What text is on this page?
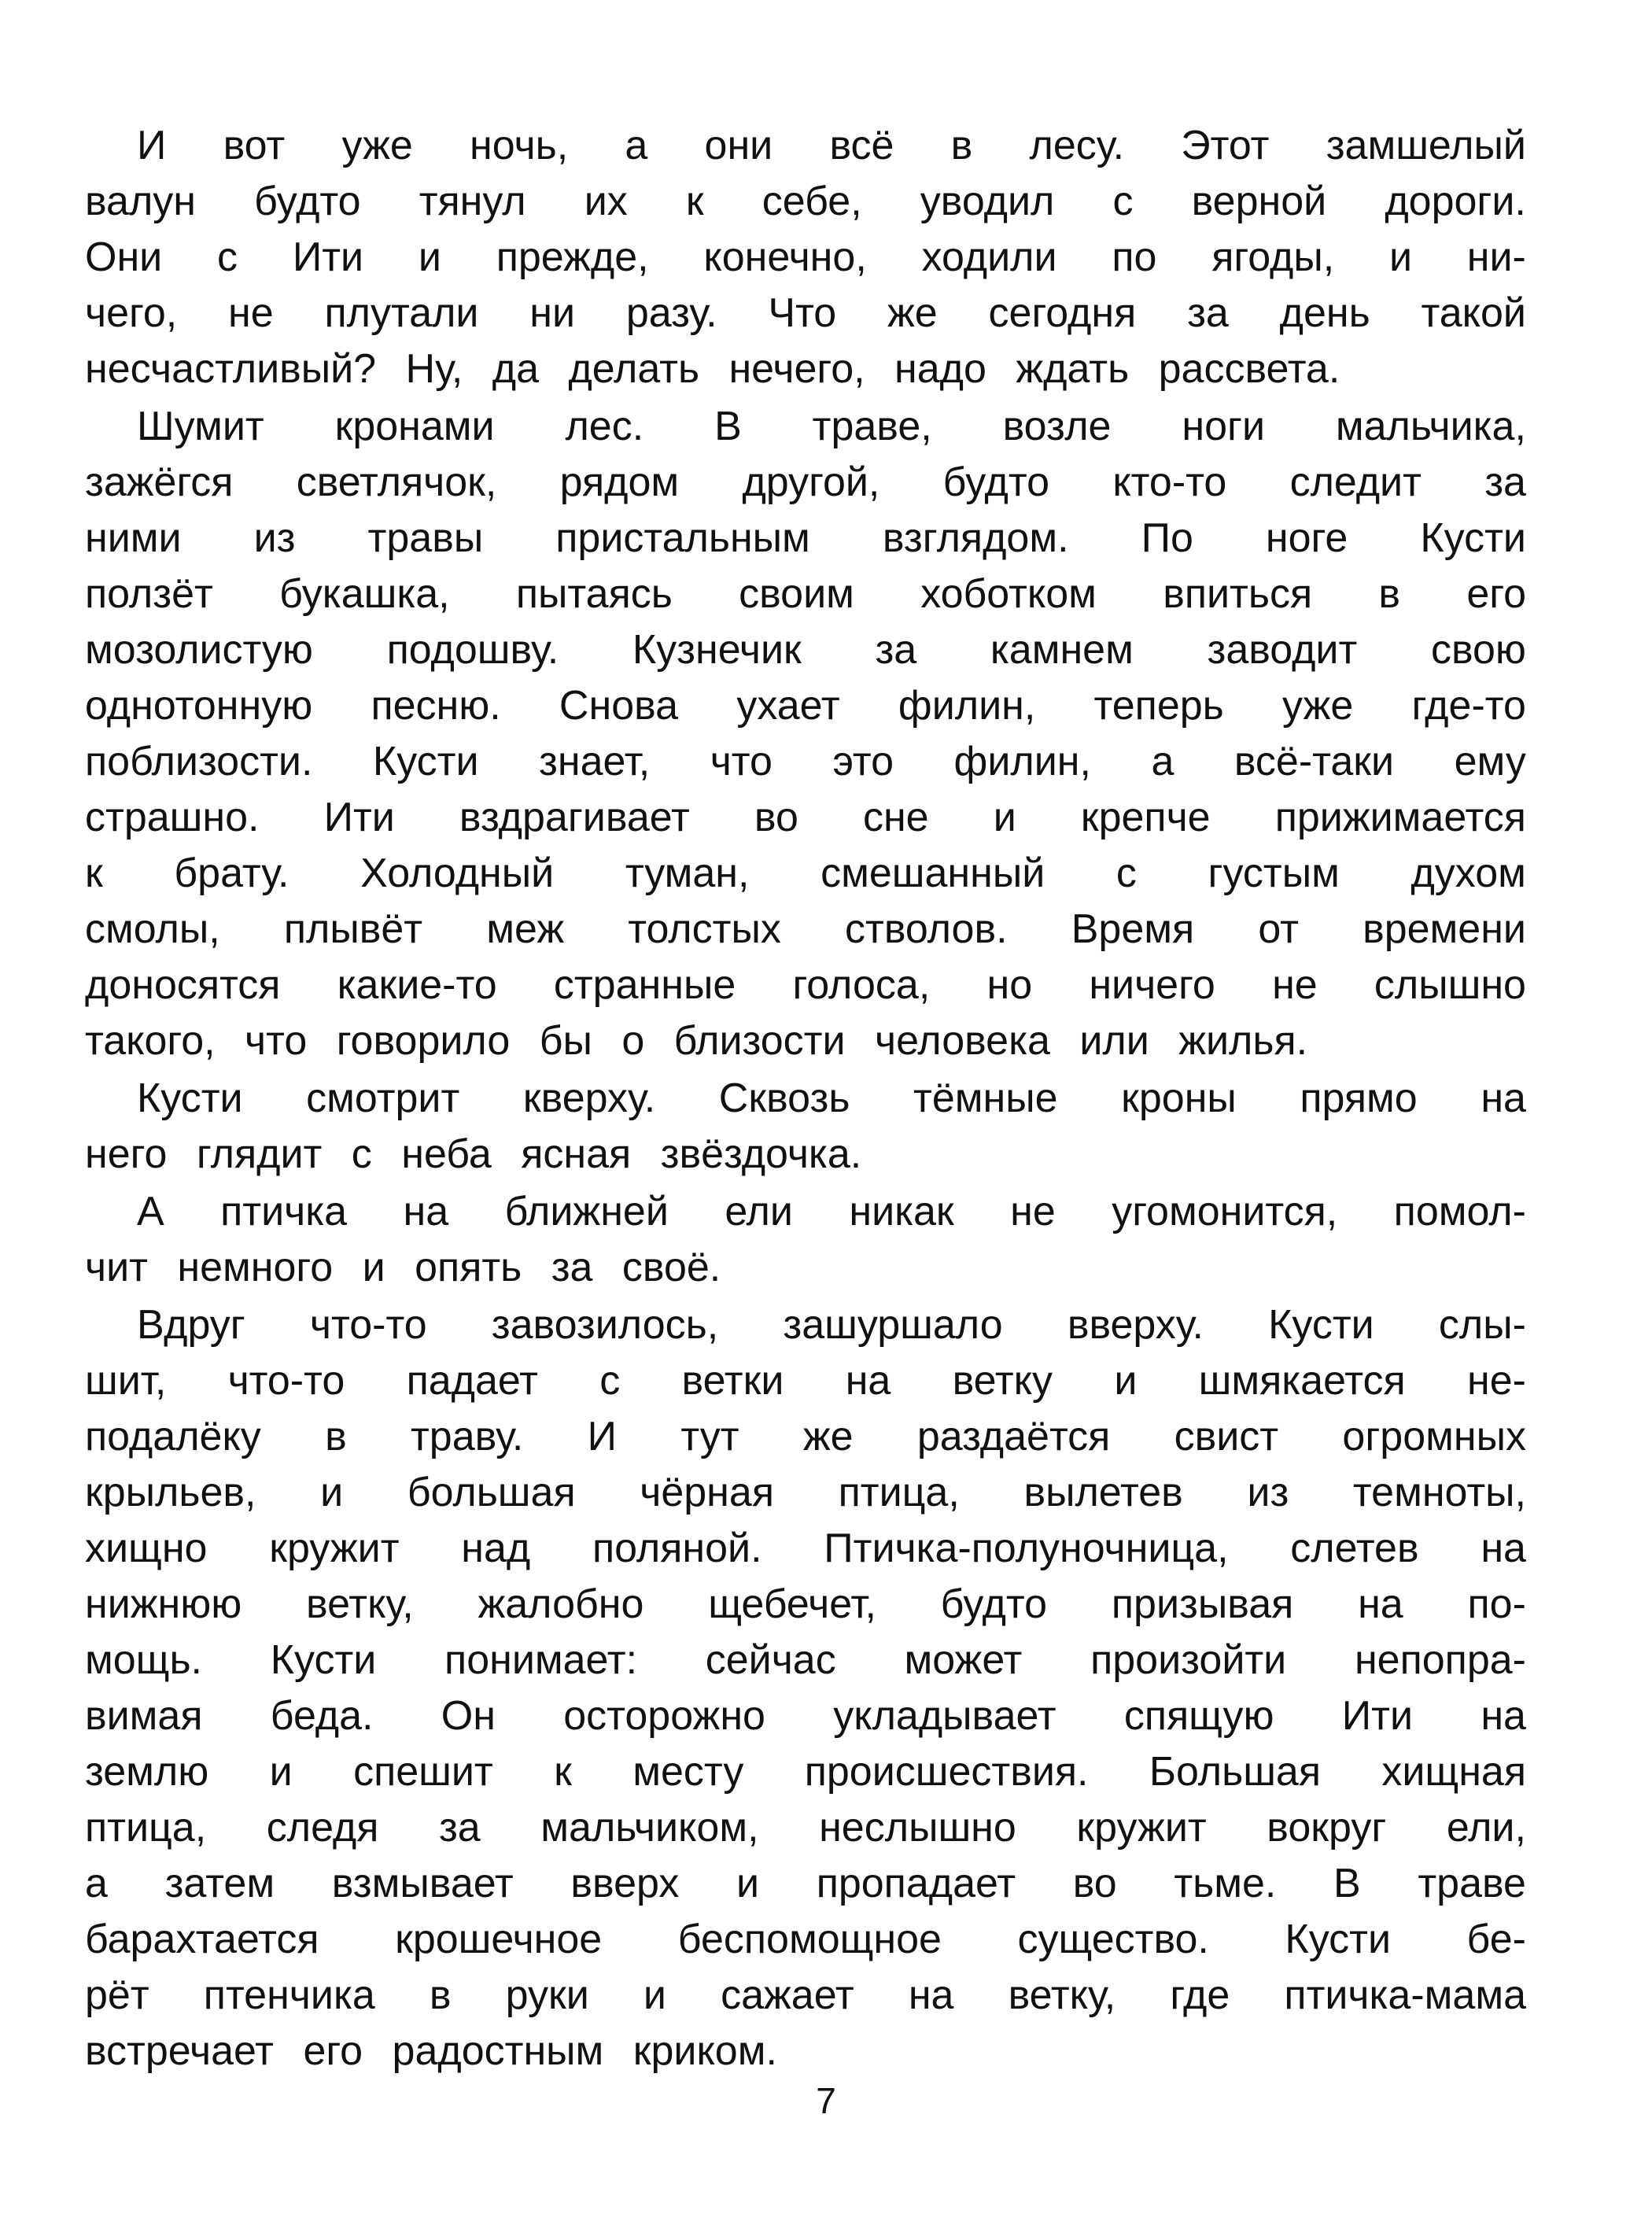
И вот уже ночь, а они всё в лесу. Этот замшелый
валун будто тянул их к себе, уводил с верной дороги.
Они с Ити и прежде, конечно, ходили по ягоды, и ни-
чего, не плутали ни разу. Что же сегодня за день такой
несчастливый? Ну, да делать нечего, надо ждать рассвета.
Шумит кронами лес. В траве, возле ноги мальчика,
зажёгся светлячок, рядом другой, будто кто-то следит за
ними из травы пристальным взглядом. По ноге Кусти
ползёт букашка, пытаясь своим хоботком впиться в его
мозолистую подошву. Кузнечик за камнем заводит свою
однотонную песню. Снова ухает филин, теперь уже где-то
поблизости. Кусти знает, что это филин, а всё-таки ему
страшно. Ити вздрагивает во сне и крепче прижимается
к брату. Холодный туман, смешанный с густым духом
смолы, плывёт меж толстых стволов. Время от времени
доносятся какие-то странные голоса, но ничего не слышно
такого, что говорило бы о близости человека или жилья.
Кусти смотрит кверху. Сквозь тёмные кроны прямо на
него глядит с неба ясная звёздочка.
А птичка на ближней ели никак не угомонится, помол-
чит немного и опять за своё.
Вдруг что-то завозилось, зашуршало вверху. Кусти слы-
шит, что-то падает с ветки на ветку и шмякается не-
подалёку в траву. И тут же раздаётся свист огромных
крыльев, и большая чёрная птица, вылетев из темноты,
хищно кружит над поляной. Птичка-полуночница, слетев на
нижнюю ветку, жалобно щебечет, будто призывая на по-
мощь. Кусти понимает: сейчас может произойти непопра-
вимая беда. Он осторожно укладывает спящую Ити на
землю и спешит к месту происшествия. Большая хищная
птица, следя за мальчиком, неслышно кружит вокруг ели,
а затем взмывает вверх и пропадает во тьме. В траве
барахтается крошечное беспомощное существо. Кусти бе-
рёт птенчика в руки и сажает на ветку, где птичка-мама
встречает его радостным криком.
7
